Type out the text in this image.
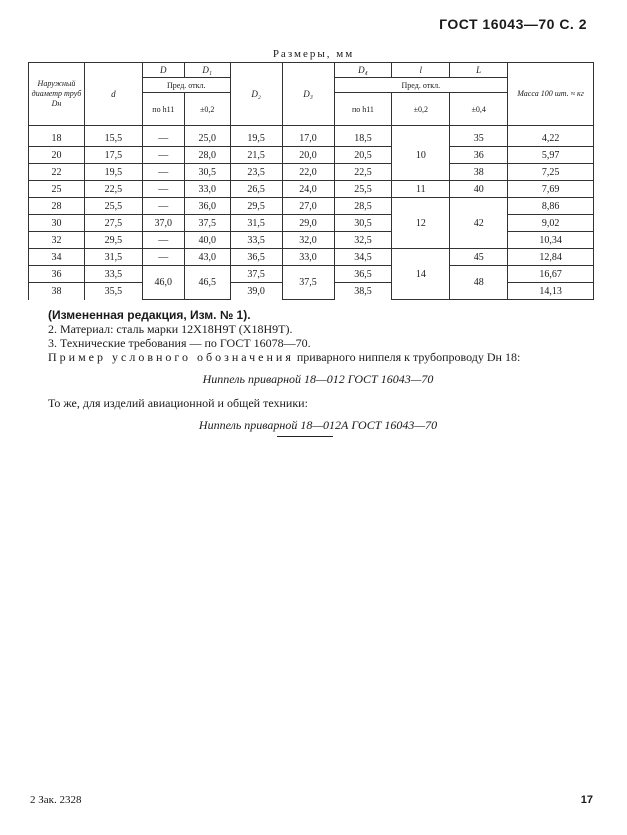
ГОСТ 16043—70 С. 2
Размеры, мм
Наружный диаметр труб
Dн	d	D	D₁	D₂	D₃	D₄	l	L	Масса 100 шт. ≈ кг
		Пред. откл.				Пред. откл.			
		по h11	±0,2			по h11	±0,2	±0,4	
18	15,5	—	25,0	19,5	17,0	18,5	10	35	4,22
20	17,5	—	28,0	21,5	20,0	20,5		36	5,97
22	19,5	—	30,5	23,5	22,0	22,5		38	7,25
25	22,5	—	33,0	26,5	24,0	25,5	11	40	7,69
28	25,5	—	36,0	29,5	27,0	28,5	12	42	8,86
30	27,5	37,0	37,5	31,5	29,0	30,5			9,02
32	29,5	—	40,0	33,5	32,0	32,5			10,34
34	31,5	—	43,0	36,5	33,0	34,5	14	45	12,84
36	33,5	46,0	46,5	37,5	37,5	36,5		48	16,67
38	35,5			39,0		38,5			14,13

(Измененная редакция, Изм. № 1).

2. Материал: сталь марки 12Х18Н9Т (Х18Н9Т).

3. Технические требования — по ГОСТ 16078—70.

Пример условного обозначения приварного ниппеля к трубопроводу Dн 18:

Ниппель приварной 18—012 ГОСТ 16043—70

То же, для изделий авиационной и общей техники:

Ниппель приварной 18—012А ГОСТ 16043—70

2 Зак. 2328	17
